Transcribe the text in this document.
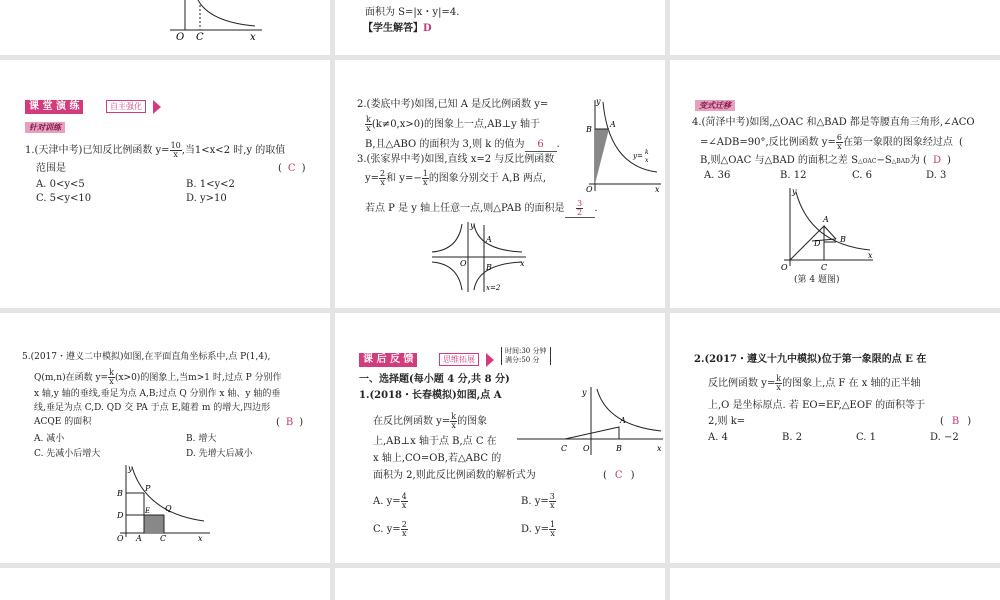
O C	x
面积为 S=|x・y|=4.
【学生解答】D
课 堂 演 练	自主强化
针对训练
1.(天津中考)已知反比例函数 $y= \frac{10}{x}$ ,当1<x<2 时,y 的取值
范围是	( C )
A. 0<y<5	B. 1<y<2
C. 5<y<10	D. y>10
2.(娄底中考)如图,已知 A 是反比例函数 y=
$\frac{k}{x} (k\ne 0,x>0)$的图象上一点,AB⊥y 轴于
B,且△ABO 的面积为 3,则 k 的值为 6 .
3.(张家界中考)如图,直线 x=2 与反比例函数
$y= \frac{2}{x}$ 和 $y=- \frac{1}{x}$ 的图象分别交于 A,B 两点,
若点 P 是 y 轴上任意一点,则△PAB 的面积是 $\frac{3}{2}$ .
y
B
A
O	x
y= k
x
y
A
O	x
B
x=2
变式迁移
4.(菏泽中考)如图,△OAC 和△BAD 都是等腰直角三角形,∠ACO
=∠ADB=90°,反比例函数 $y= \frac{6}{x}$ 在第一象限的图象经过点 (
B,则△OAC 与△BAD 的面积之差 S△OAC−S△BAD为 ( D )
A. 36	B. 12	C. 6	D. 3
y
A
D B
O	C
x
(第 4 题图)
5.(2017・遵义二中模拟)如图,在平面直角坐标系中,点 P(1,4),
Q(m,n)在函数 $y= \frac{k}{x} (x>0)$的图象上,当m>1 时,过点 P 分别作
x 轴,y 轴的垂线,垂足为点 A,B;过点 Q 分别作 x 轴、y 轴的垂
线,垂足为点 C,D. QD 交 PA 于点 E,随着 m 的增大,四边形
ACQE 的面积	( B )
A. 减小	B. 增大
C. 先减小后增大	D. 先增大后减小
y
B
D
P
Q
E
O A C	x
课 后 反 馈	思维拓展
时间:30 分钟
满分:50 分
一、选择题(每小题 4 分,共 8 分)
1.(2018・长春模拟)如图,点 A
在反比例函数 $y= \frac{k}{x}$ 的图象
上,AB⊥x 轴于点 B,点 C 在
x 轴上,CO=OB,若△ABC 的
面积为 2,则此反比例函数的解析式为	( C )
A. $y= \frac{4}{x}$	B. $y= \frac{3}{x}$
C. $y= \frac{2}{x}$	D. $y= \frac{1}{x}$
y
A
C O	B	x
2.(2017・遵义十九中模拟)位于第一象限的点 E 在
反比例函数 $y= \frac{k}{x}$ 的图象上,点 F 在 x 轴的正半轴
上,O 是坐标原点. 若 EO=EF,△EOF 的面积等于
2,则 k=	( B )
A. 4	B. 2	C. 1	D. −2
